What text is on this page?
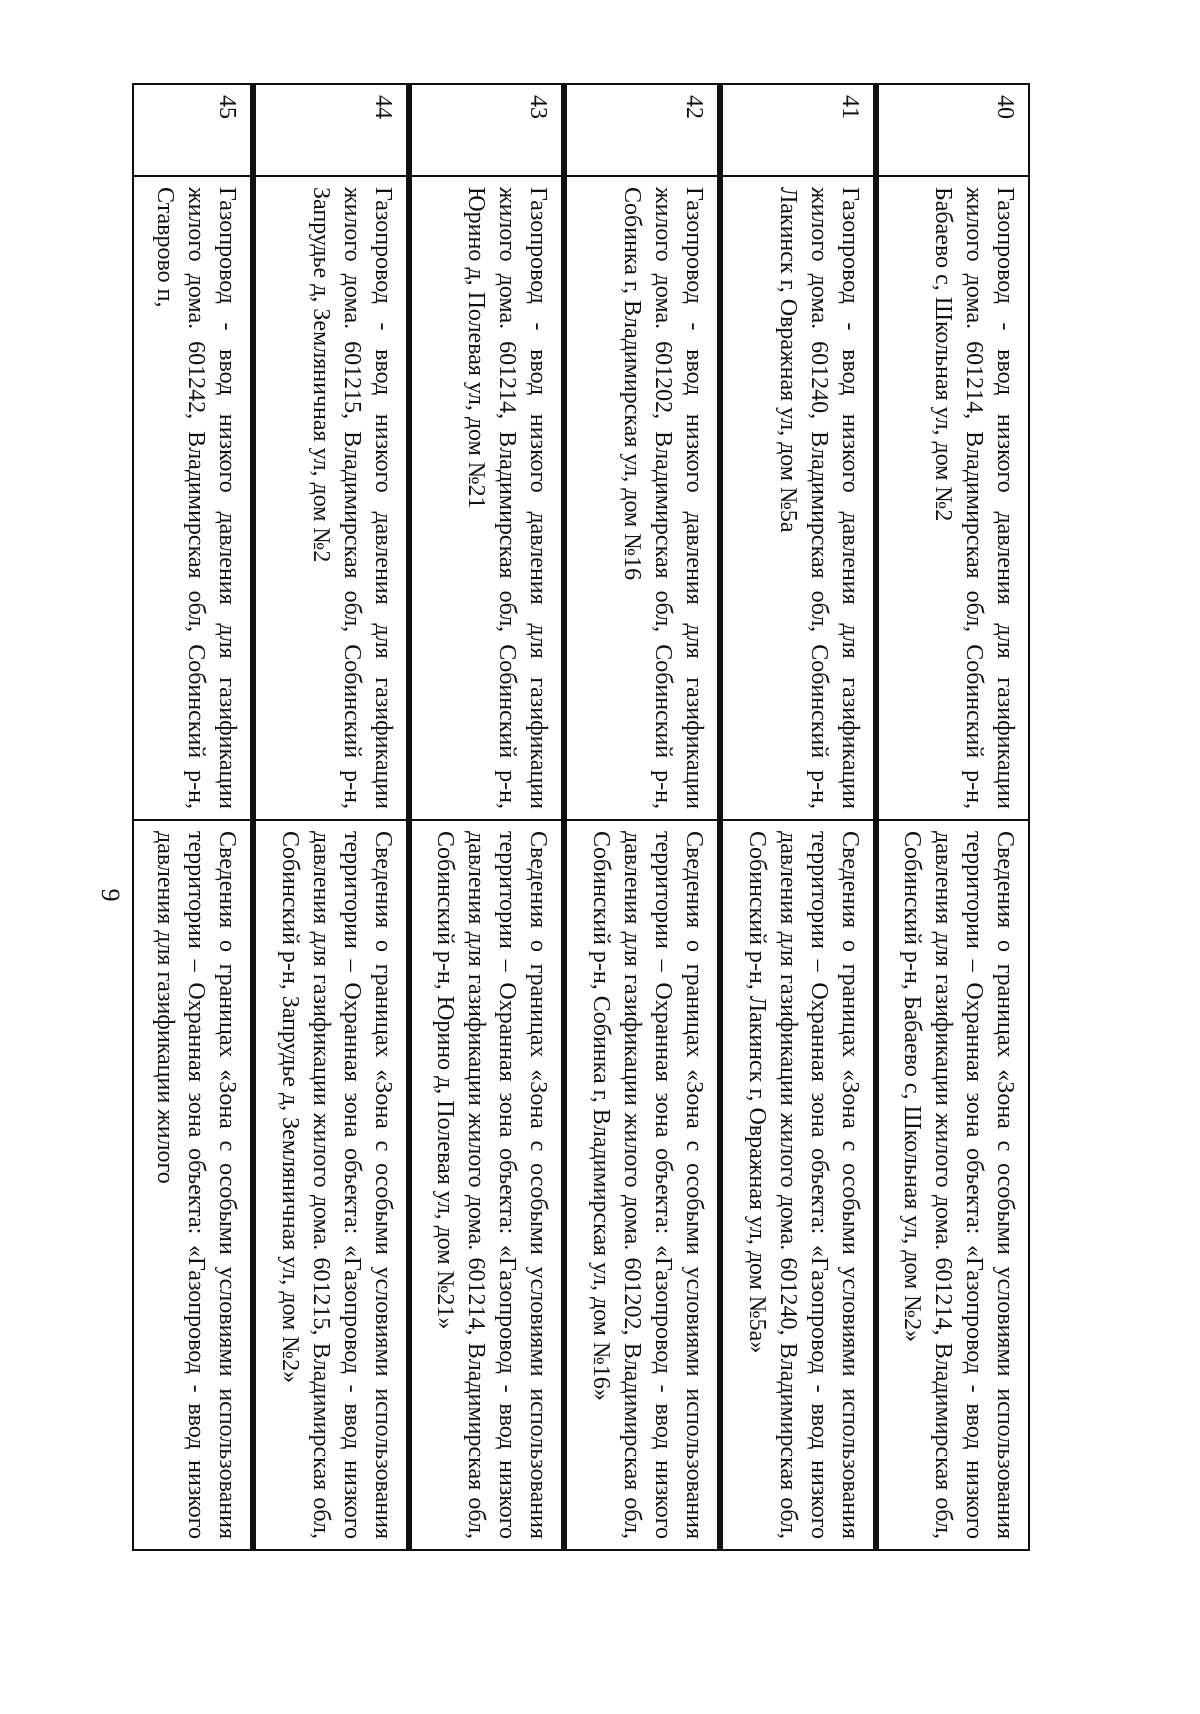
9
40	Газопровод - ввод низкого давления для газификации жилого дома. 601214, Владимирская обл, Собинский р-н, Бабаево с, Школьная ул, дом №2	Сведения о границах «Зона с особыми условиями использования территории – Охранная зона объекта: «Газопровод - ввод низкого давления для газификации жилого дома. 601214, Владимирская обл, Собинский р-н, Бабаево с, Школьная ул, дом №2»
41	Газопровод - ввод низкого давления для газификации жилого дома. 601240, Владимирская обл, Собинский р-н, Лакинск г, Овражная ул, дом №5а	Сведения о границах «Зона с особыми условиями использования территории – Охранная зона объекта: «Газопровод - ввод низкого давления для газификации жилого дома. 601240, Владимирская обл, Собинский р-н, Лакинск г, Овражная ул, дом №5а»
42	Газопровод - ввод низкого давления для газификации жилого дома. 601202, Владимирская обл, Собинский р-н, Собинка г, Владимирская ул, дом №16	Сведения о границах «Зона с особыми условиями использования территории – Охранная зона объекта: «Газопровод - ввод низкого давления для газификации жилого дома. 601202, Владимирская обл, Собинский р-н, Собинка г, Владимирская ул, дом №16»
43	Газопровод - ввод низкого давления для газификации жилого дома. 601214, Владимирская обл, Собинский р-н, Юрино д, Полевая ул, дом №21	Сведения о границах «Зона с особыми условиями использования территории – Охранная зона объекта: «Газопровод - ввод низкого давления для газификации жилого дома. 601214, Владимирская обл, Собинский р-н, Юрино д, Полевая ул, дом №21»
44	Газопровод - ввод низкого давления для газификации жилого дома. 601215, Владимирская обл, Собинский р-н, Запрудье д, Земляничная ул, дом №2	Сведения о границах «Зона с особыми условиями использования территории – Охранная зона объекта: «Газопровод - ввод низкого давления для газификации жилого дома. 601215, Владимирская обл, Собинский р-н, Запрудье д, Земляничная ул, дом №2»
45	Газопровод - ввод низкого давления для газификации жилого дома. 601242, Владимирская обл, Собинский р-н, Ставрово п,	Сведения о границах «Зона с особыми условиями использования территории – Охранная зона объекта: «Газопровод - ввод низкого давления для газификации жилого
